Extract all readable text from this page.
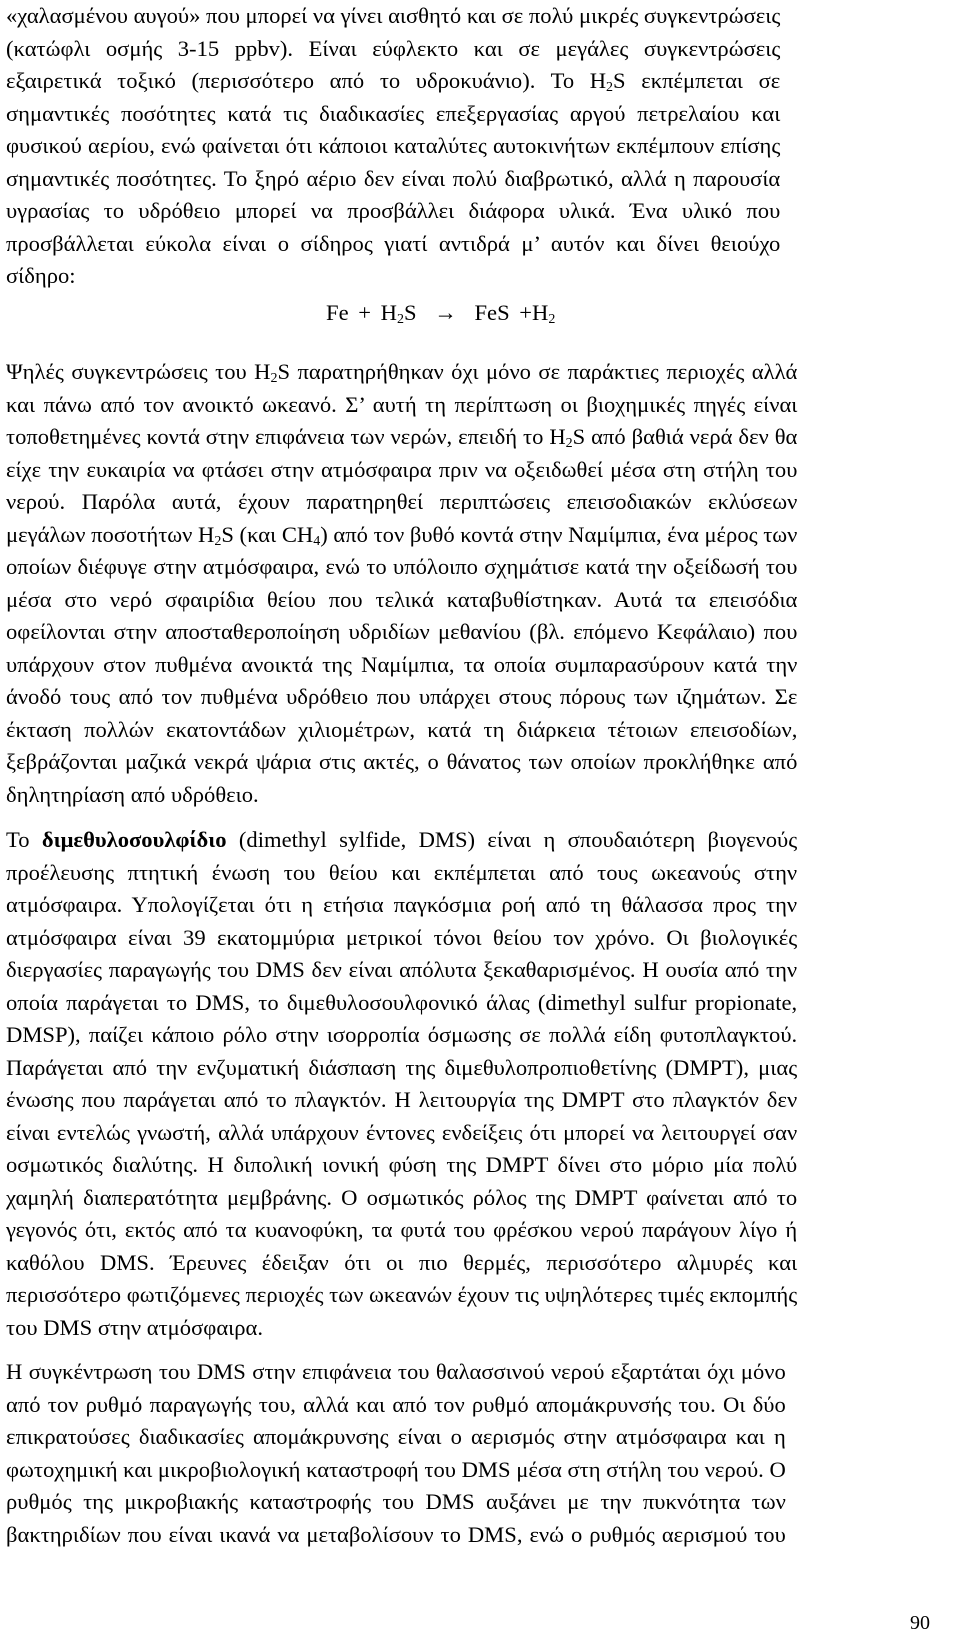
«χαλασμένου αυγού» που μπορεί να γίνει αισθητό και σε πολύ μικρές συγκεντρώσεις
(κατώφλι οσμής 3-15 ppbv). Είναι εύφλεκτο και σε μεγάλες συγκεντρώσεις
εξαιρετικά τοξικό (περισσότερο από το υδροκυάνιο). Το $H_2S$ εκπέμπεται σε
σημαντικές ποσότητες κατά τις διαδικασίες επεξεργασίας αργού πετρελαίου και
φυσικού αερίου, ενώ φαίνεται ότι κάποιοι καταλύτες αυτοκινήτων εκπέμπουν επίσης
σημαντικές ποσότητες. Το ξηρό αέριο δεν είναι πολύ διαβρωτικό, αλλά η παρουσία
υγρασίας το υδρόθειο μπορεί να προσβάλλει διάφορα υλικά. Ένα υλικό που
προσβάλλεται εύκολα είναι ο σίδηρος γιατί αντιδρά μ’ αυτόν και δίνει θειούχο
σίδηρο:
$Fe + H_2S$ → FeS $+H_2$
Ψηλές συγκεντρώσεις του $H_2S$ παρατηρήθηκαν όχι μόνο σε παράκτιες περιοχές αλλά
και πάνω από τον ανοικτό ωκεανό. Σ’ αυτή τη περίπτωση οι βιοχημικές πηγές είναι
τοποθετημένες κοντά στην επιφάνεια των νερών, επειδή το $H_2S$ από βαθιά νερά δεν θα
είχε την ευκαιρία να φτάσει στην ατμόσφαιρα πριν να οξειδωθεί μέσα στη στήλη του
νερού. Παρόλα αυτά, έχουν παρατηρηθεί περιπτώσεις επεισοδιακών εκλύσεων
μεγάλων ποσοτήτων $H_2S$ (και $CH_4$) από τον βυθό κοντά στην Ναμίμπια, ένα μέρος των
οποίων διέφυγε στην ατμόσφαιρα, ενώ το υπόλοιπο σχημάτισε κατά την οξείδωσή του
μέσα στο νερό σφαιρίδια θείου που τελικά καταβυθίστηκαν. Αυτά τα επεισόδια
οφείλονται στην αποσταθεροποίηση υδριδίων μεθανίου (βλ. επόμενο Κεφάλαιο) που
υπάρχουν στον πυθμένα ανοικτά της Ναμίμπια, τα οποία συμπαρασύρουν κατά την
άνοδό τους από τον πυθμένα υδρόθειο που υπάρχει στους πόρους των ιζημάτων. Σε
έκταση πολλών εκατοντάδων χιλιομέτρων, κατά τη διάρκεια τέτοιων επεισοδίων,
ξεβράζονται μαζικά νεκρά ψάρια στις ακτές, ο θάνατος των οποίων προκλήθηκε από
δηλητηρίαση από υδρόθειο.
Το διμεθυλοσουλφίδιο (dimethyl sylfide, DMS) είναι η σπουδαιότερη βιογενούς
προέλευσης πτητική ένωση του θείου και εκπέμπεται από τους ωκεανούς στην
ατμόσφαιρα. Υπολογίζεται ότι η ετήσια παγκόσμια ροή από τη θάλασσα προς την
ατμόσφαιρα είναι 39 εκατομμύρια μετρικοί τόνοι θείου τον χρόνο. Οι βιολογικές
διεργασίες παραγωγής του DMS δεν είναι απόλυτα ξεκαθαρισμένος. Η ουσία από την
οποία παράγεται το DMS, το διμεθυλοσουλφονικό άλας (dimethyl sulfur propionate,
DMSP), παίζει κάποιο ρόλο στην ισορροπία όσμωσης σε πολλά είδη φυτοπλαγκτού.
Παράγεται από την ενζυματική διάσπαση της διμεθυλοπροπιοθετίνης (DMPT), μιας
ένωσης που παράγεται από το πλαγκτόν. Η λειτουργία της DMPT στο πλαγκτόν δεν
είναι εντελώς γνωστή, αλλά υπάρχουν έντονες ενδείξεις ότι μπορεί να λειτουργεί σαν
οσμωτικός διαλύτης. Η διπολική ιονική φύση της DMPT δίνει στο μόριο μία πολύ
χαμηλή διαπερατότητα μεμβράνης. Ο οσμωτικός ρόλος της DMPT φαίνεται από το
γεγονός ότι, εκτός από τα κυανοφύκη, τα φυτά του φρέσκου νερού παράγουν λίγο ή
καθόλου DMS. Έρευνες έδειξαν ότι οι πιο θερμές, περισσότερο αλμυρές και
περισσότερο φωτιζόμενες περιοχές των ωκεανών έχουν τις υψηλότερες τιμές εκπομπής
του DMS στην ατμόσφαιρα.
Η συγκέντρωση του DMS στην επιφάνεια του θαλασσινού νερού εξαρτάται όχι μόνο
από τον ρυθμό παραγωγής του, αλλά και από τον ρυθμό απομάκρυνσής του. Οι δύο
επικρατούσες διαδικασίες απομάκρυνσης είναι ο αερισμός στην ατμόσφαιρα και η
φωτοχημική και μικροβιολογική καταστροφή του DMS μέσα στη στήλη του νερού. Ο
ρυθμός της μικροβιακής καταστροφής του DMS αυξάνει με την πυκνότητα των
βακτηριδίων που είναι ικανά να μεταβολίσουν το DMS, ενώ ο ρυθμός αερισμού του
90
